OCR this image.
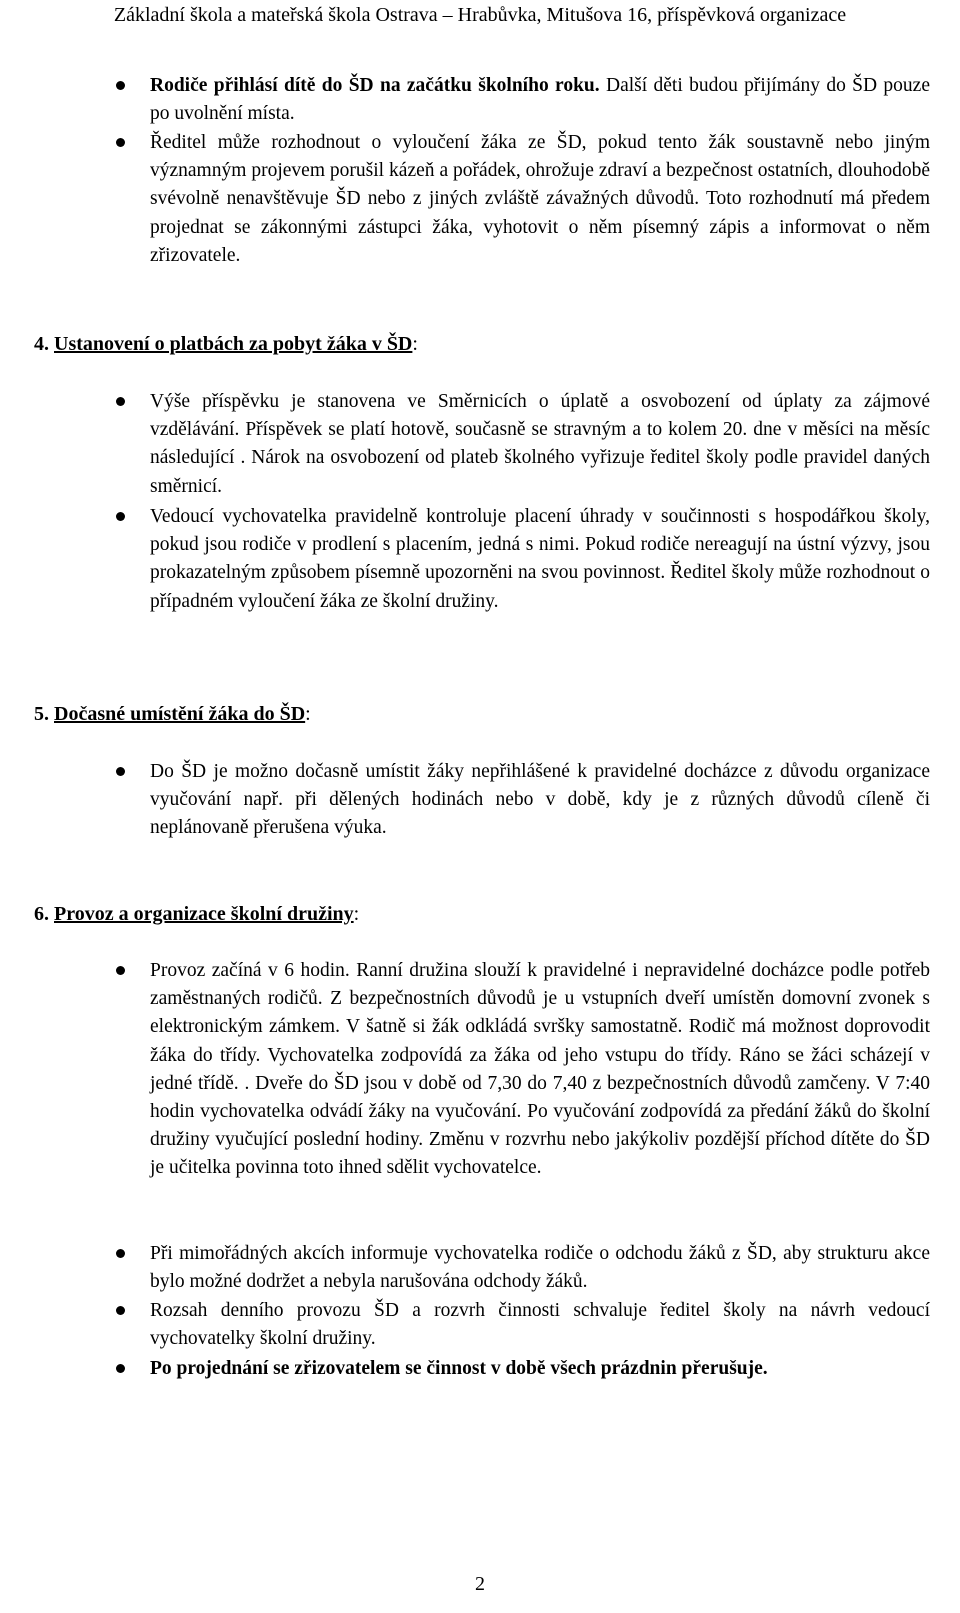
Základní škola a mateřská škola Ostrava – Hrabůvka, Mitušova 16, příspěvková organizace
Rodiče přihlásí dítě do ŠD na začátku školního roku. Další děti budou přijímány do ŠD pouze po uvolnění místa.
Ředitel může rozhodnout o vyloučení žáka ze ŠD, pokud tento žák soustavně nebo jiným významným projevem porušil kázeň a pořádek, ohrožuje zdraví a bezpečnost ostatních, dlouhodobě svévolně nenavštěvuje ŠD nebo z jiných zvláště závažných důvodů. Toto rozhodnutí má předem projednat se zákonnými zástupci žáka, vyhotovit o něm písemný zápis a informovat o něm zřizovatele.
4. Ustanovení o platbách za pobyt žáka v ŠD:
Výše příspěvku je stanovena ve Směrnicích o úplatě a osvobození od úplaty za zájmové vzdělávání. Příspěvek se platí hotově, současně se stravným a to kolem 20. dne v měsíci na měsíc následující . Nárok na osvobození od plateb školného vyřizuje ředitel školy podle pravidel daných směrnicí.
Vedoucí vychovatelka pravidelně kontroluje placení úhrady v součinnosti s hospodářkou školy, pokud jsou rodiče v prodlení s placením, jedná s nimi. Pokud rodiče nereagují na ústní výzvy, jsou prokazatelným způsobem písemně upozorněni na svou povinnost. Ředitel školy může rozhodnout o případném vyloučení žáka ze školní družiny.
5. Dočasné umístění žáka do ŠD:
Do ŠD je možno dočasně umístit žáky nepřihlášené k pravidelné docházce z důvodu organizace vyučování např. při dělených hodinách nebo v době, kdy je z různých důvodů cíleně či neplánovaně přerušena výuka.
6. Provoz a organizace školní družiny:
Provoz začíná v 6 hodin. Ranní družina slouží k pravidelné i nepravidelné docházce podle potřeb zaměstnaných rodičů. Z bezpečnostních důvodů je u vstupních dveří umístěn domovní zvonek s elektronickým zámkem. V šatně si žák odkládá svršky samostatně. Rodič má možnost doprovodit žáka do třídy. Vychovatelka zodpovídá za žáka od jeho vstupu do třídy. Ráno se žáci scházejí v jedné třídě. . Dveře do ŠD jsou v době od 7,30 do 7,40 z bezpečnostních důvodů zamčeny. V 7:40 hodin vychovatelka odvádí žáky na vyučování. Po vyučování zodpovídá za předání žáků do školní družiny vyučující poslední hodiny. Změnu v rozvrhu nebo jakýkoliv pozdější příchod dítěte do ŠD je učitelka povinna toto ihned sdělit vychovatelce.
Při mimořádných akcích informuje vychovatelka rodiče o odchodu žáků z ŠD, aby strukturu akce bylo možné dodržet a nebyla narušována odchody žáků.
Rozsah denního provozu ŠD a rozvrh činnosti schvaluje ředitel školy na návrh vedoucí vychovatelky školní družiny.
Po projednání se zřizovatelem se činnost v době všech prázdnin přerušuje.
2
